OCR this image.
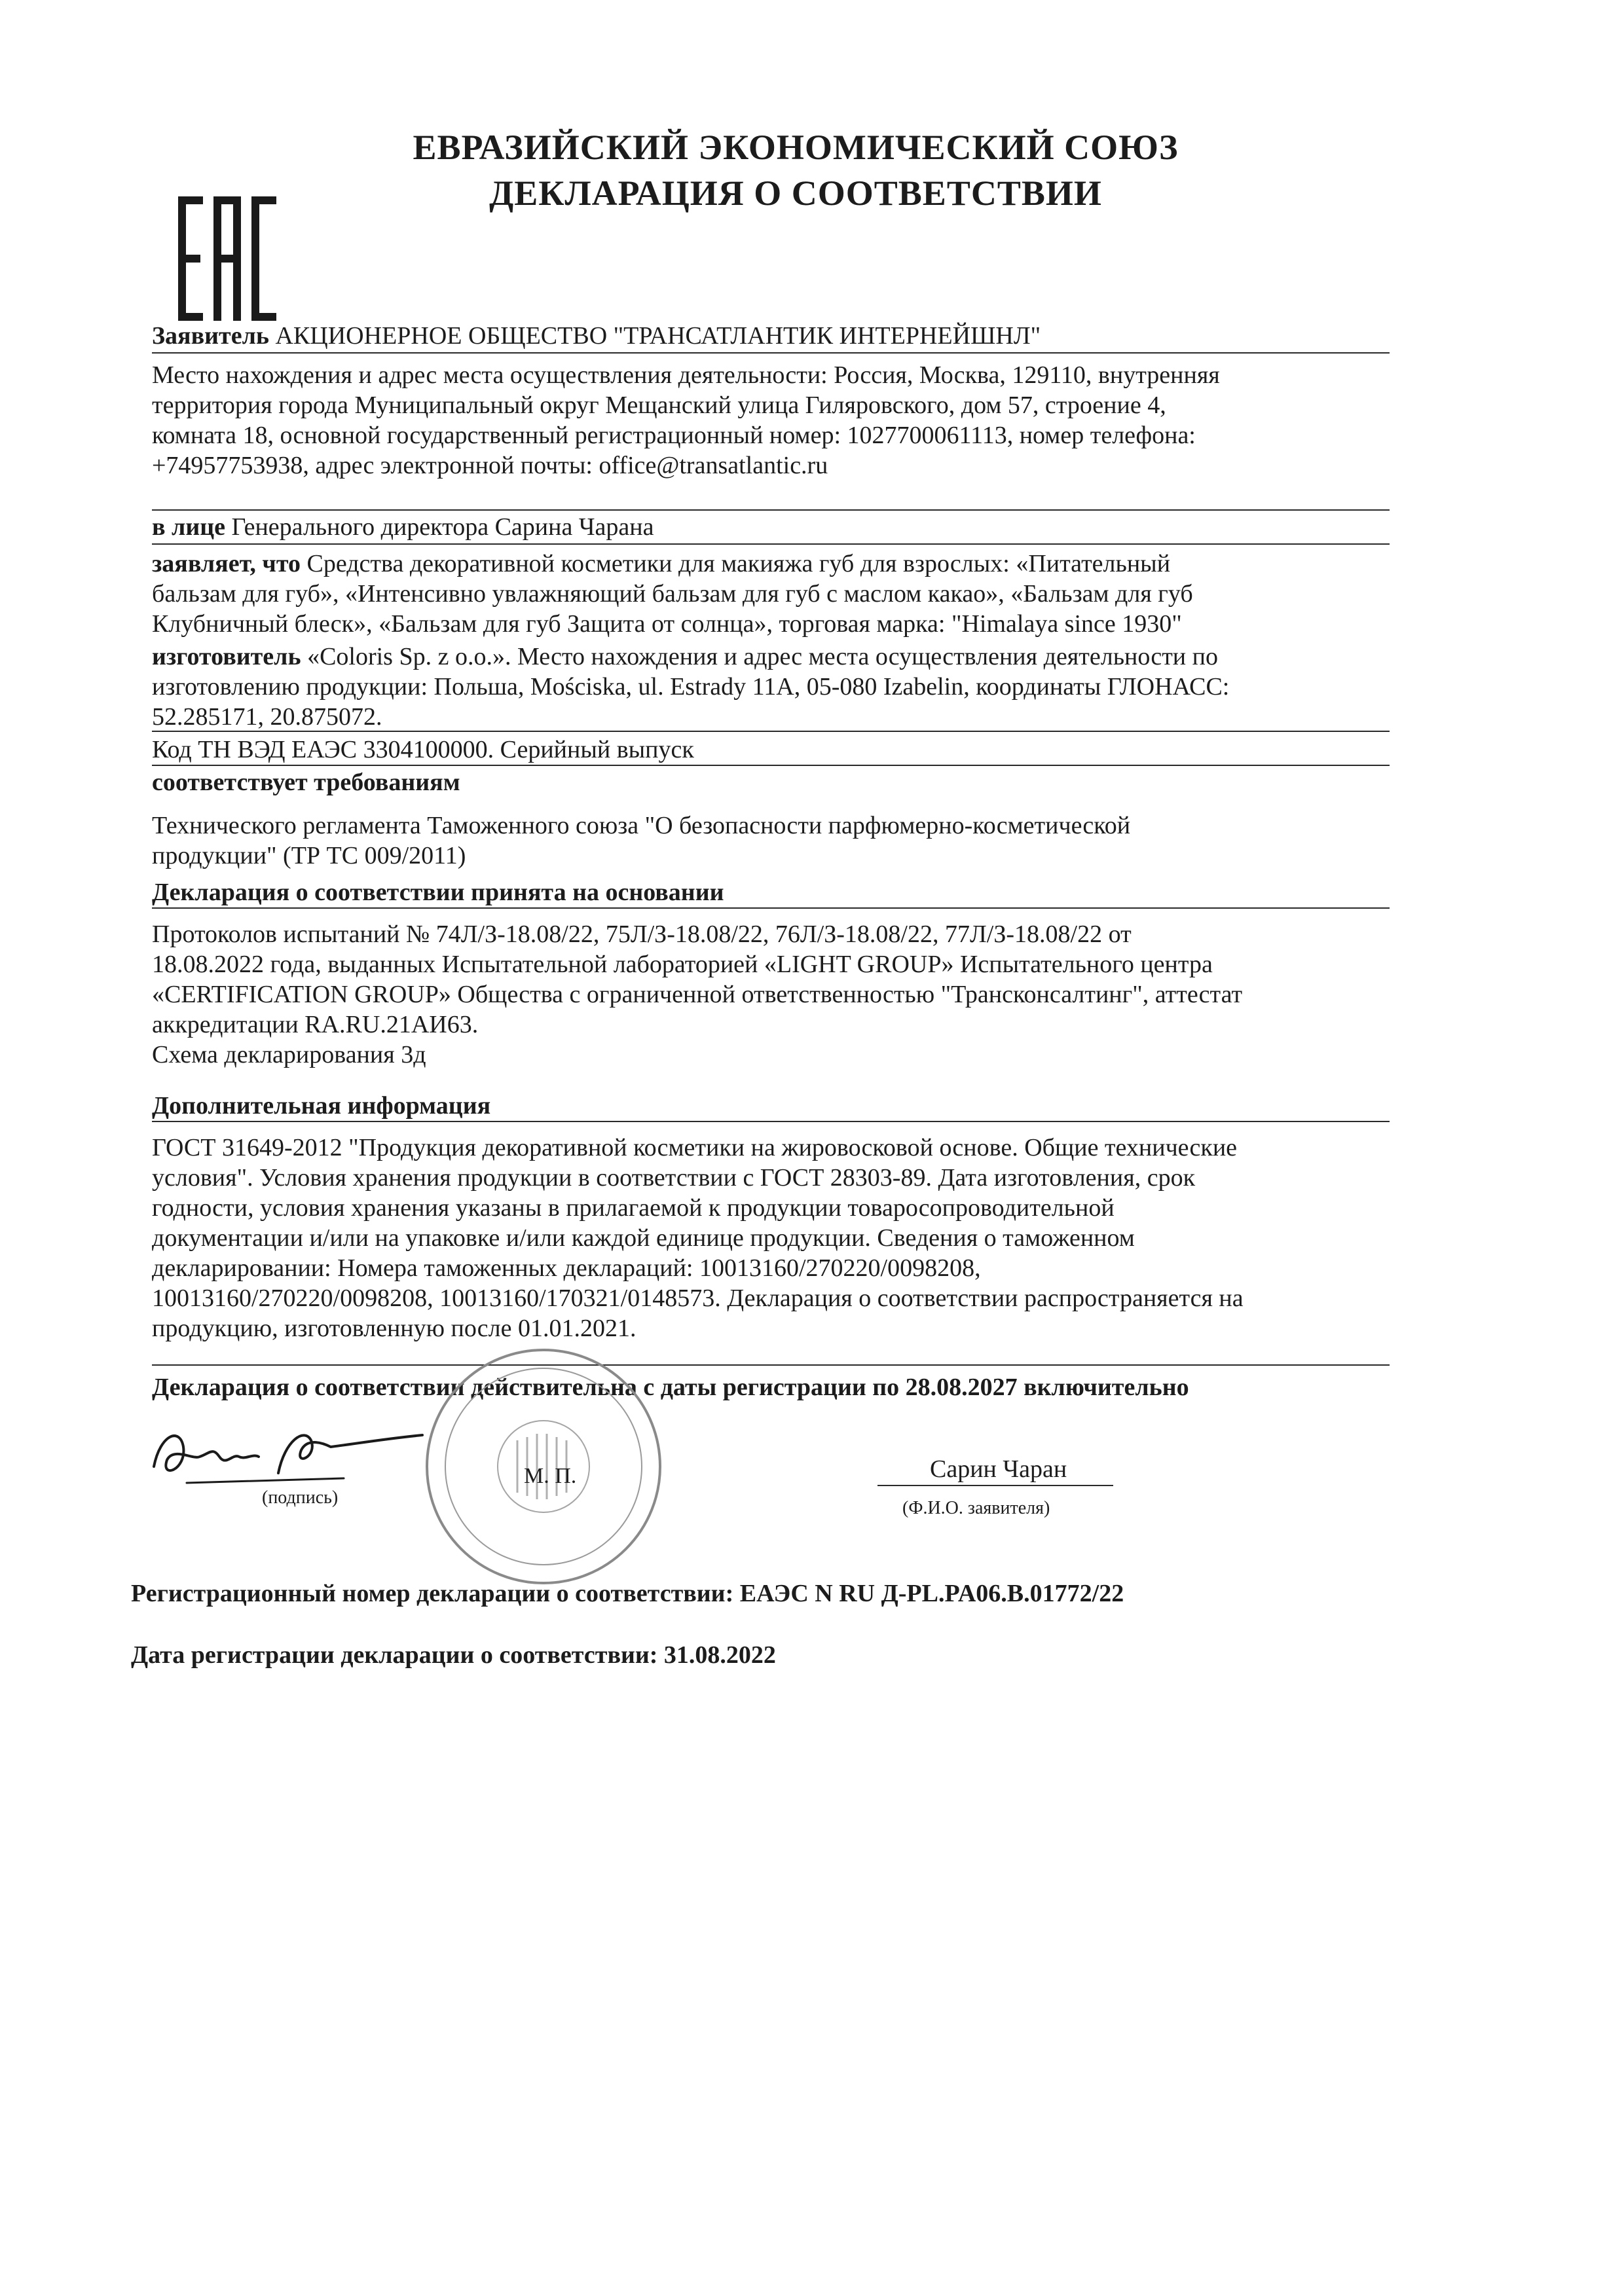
ЕВРАЗИЙСКИЙ ЭКОНОМИЧЕСКИЙ СОЮЗ
ДЕКЛАРАЦИЯ О СООТВЕТСТВИИ

Заявитель АКЦИОНЕРНОЕ ОБЩЕСТВО "ТРАНСАТЛАНТИК ИНТЕРНЕЙШНЛ"

Место нахождения и адрес места осуществления деятельности: Россия, Москва, 129110, внутренняя

территория города Муниципальный округ Мещанский улица Гиляровского, дом 57, строение 4,

комната 18, основной государственный регистрационный номер: 1027700061113, номер телефона:

+74957753938, адрес электронной почты: office@transatlantic.ru

в лице Генерального директора Сарина Чарана

заявляет, что Средства декоративной косметики для макияжа губ для взрослых: «Питательный

бальзам для губ», «Интенсивно увлажняющий бальзам для губ с маслом какао», «Бальзам для губ

Клубничный блеск», «Бальзам для губ Защита от солнца», торговая марка: "Himalaya since 1930"

изготовитель «Coloris Sp. z o.o.». Место нахождения и адрес места осуществления деятельности по

изготовлению продукции: Польша, Mościska, ul. Estrady 11A, 05-080 Izabelin, координаты ГЛОНАСС:

52.285171, 20.875072.

Код ТН ВЭД ЕАЭС 3304100000. Серийный выпуск

соответствует требованиям

Технического регламента Таможенного союза "О безопасности парфюмерно-косметической

продукции" (ТР ТС 009/2011)

Декларация о соответствии принята на основании

Протоколов испытаний № 74Л/З-18.08/22, 75Л/З-18.08/22, 76Л/З-18.08/22, 77Л/З-18.08/22 от

18.08.2022 года, выданных Испытательной лабораторией «LIGHT GROUP» Испытательного центра

«CERTIFICATION GROUP» Общества с ограниченной ответственностью "Трансконсалтинг", аттестат

аккредитации RA.RU.21АИ63.

Схема декларирования 3д

Дополнительная информация

ГОСТ 31649-2012 "Продукция декоративной косметики на жировосковой основе. Общие технические

условия". Условия хранения продукции в соответствии с ГОСТ 28303-89. Дата изготовления, срок

годности, условия хранения указаны в прилагаемой к продукции товаросопроводительной

документации и/или на упаковке и/или каждой единице продукции. Сведения о таможенном

декларировании: Номера таможенных деклараций: 10013160/270220/0098208,

10013160/270220/0098208, 10013160/170321/0148573. Декларация о соответствии распространяется на

продукцию, изготовленную после 01.01.2021.

Декларация о соответствии действительна с даты регистрации по 28.08.2027 включительно

(подпись)
М. П.	Сарин Чаран
(Ф.И.О. заявителя)
Регистрационный номер декларации о соответствии: ЕАЭС N RU Д-PL.PA06.B.01772/22
Дата регистрации декларации о соответствии: 31.08.2022
